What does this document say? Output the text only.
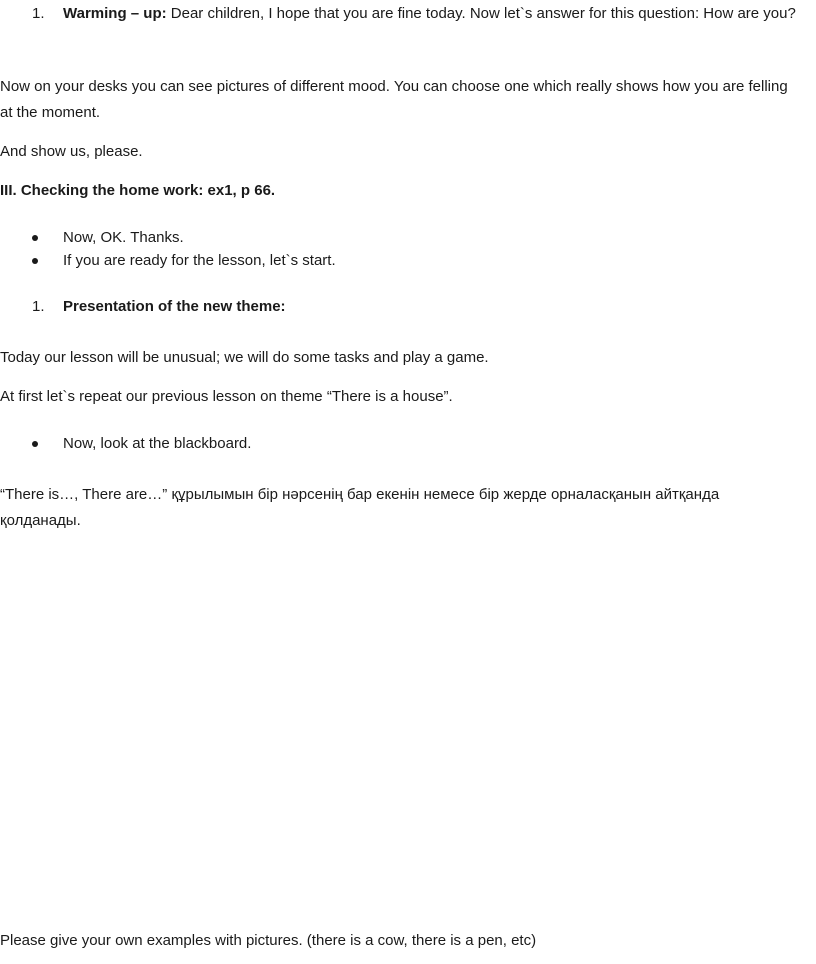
1. Warming – up: Dear children, I hope that you are fine today. Now let`s answer for this question: How are you?

Now on your desks you can see pictures of different mood. You can choose one which really shows how you are felling at the moment.

And show us, please.

III. Checking the home work: ex1, p 66.

Now, OK. Thanks.
If you are ready for the lesson, let`s start.
1. Presentation of the new theme:

Today our lesson will be unusual; we will do some tasks and play a game.

At first let`s repeat our previous lesson on theme “There is a house”.

Now, look at the blackboard.

“There is…, There are…” құрылымын бір нәрсенің бар екенін немесе бір жерде орналасқанын айтқанда қолданады.

Please give your own examples with pictures. (there is a cow, there is a pen, etc)
